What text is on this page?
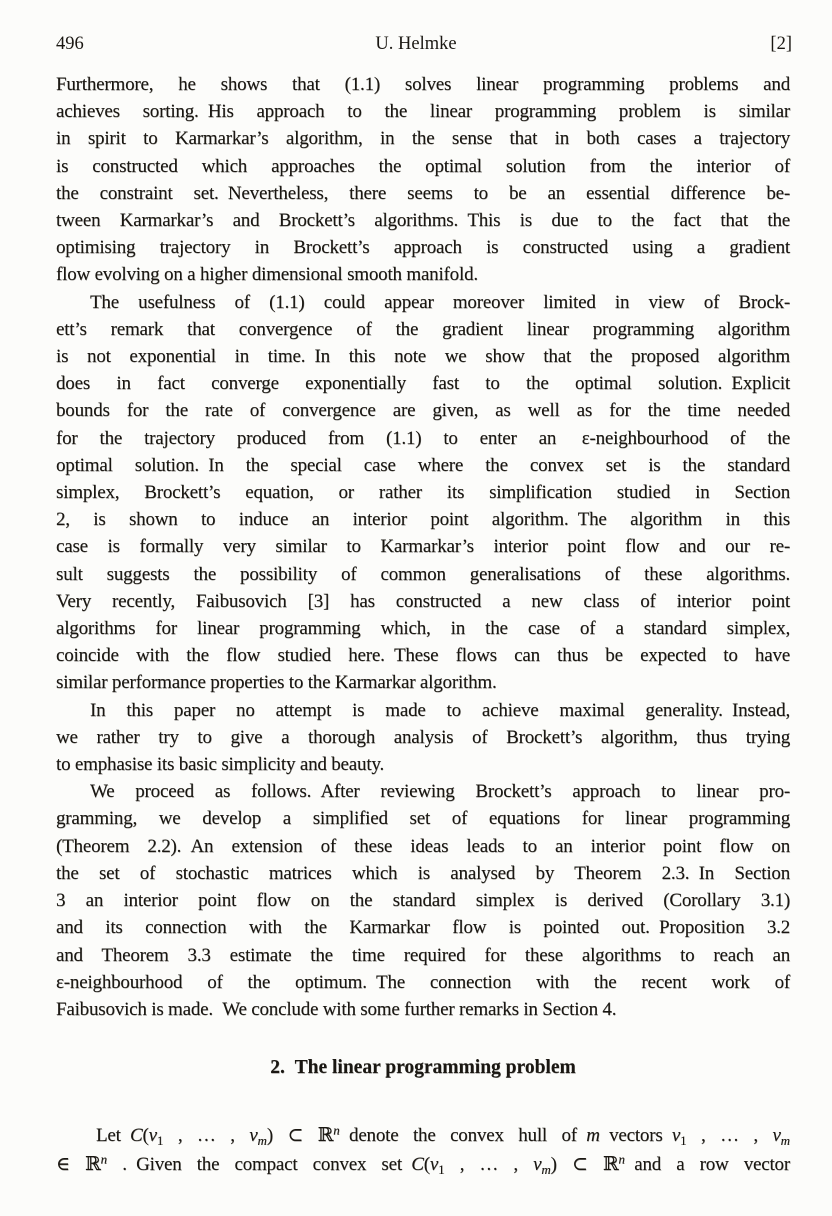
496	U. Helmke	[2]
Furthermore, he shows that (1.1) solves linear programming problems and
achieves sorting. His approach to the linear programming problem is similar
in spirit to Karmarkar’s algorithm, in the sense that in both cases a trajectory
is constructed which approaches the optimal solution from the interior of
the constraint set. Nevertheless, there seems to be an essential difference be-
tween Karmarkar’s and Brockett’s algorithms. This is due to the fact that the
optimising trajectory in Brockett’s approach is constructed using a gradient
flow evolving on a higher dimensional smooth manifold.
The usefulness of (1.1) could appear moreover limited in view of Brock-
ett’s remark that convergence of the gradient linear programming algorithm
is not exponential in time. In this note we show that the proposed algorithm
does in fact converge exponentially fast to the optimal solution. Explicit
bounds for the rate of convergence are given, as well as for the time needed
for the trajectory produced from (1.1) to enter an  ε-neighbourhood of the
optimal solution. In the special case where the convex set is the standard
simplex, Brockett’s equation, or rather its simplification studied in Section
2, is shown to induce an interior point algorithm. The algorithm in this
case is formally very similar to Karmarkar’s interior point flow and our re-
sult suggests the possibility of common generalisations of these algorithms.
Very recently, Faibusovich [3] has constructed a new class of interior point
algorithms for linear programming which, in the case of a standard simplex,
coincide with the flow studied here. These flows can thus be expected to have
similar performance properties to the Karmarkar algorithm.
In this paper no attempt is made to achieve maximal generality. Instead,
we rather try to give a thorough analysis of Brockett’s algorithm, thus trying
to emphasise its basic simplicity and beauty.
We proceed as follows. After reviewing Brockett’s approach to linear pro-
gramming, we develop a simplified set of equations for linear programming
(Theorem 2.2). An extension of these ideas leads to an interior point flow on
the set of stochastic matrices which is analysed by Theorem 2.3. In Section
3 an interior point flow on the standard simplex is derived (Corollary 3.1)
and its connection with the Karmarkar flow is pointed out. Proposition 3.2
and Theorem 3.3 estimate the time required for these algorithms to reach an
ε-neighbourhood of the optimum. The connection with the recent work of
Faibusovich is made. We conclude with some further remarks in Section 4.
2. The linear programming problem
Let $C(v_1$ , … , $v_m$) ⊂ ℝ$^n$ denote the convex hull of m vectors $v_1$ , … , $v_m$
∈ ℝ$^n$ . Given the compact convex set $C(v_1$ , … , $v_m$) ⊂ ℝ$^n$ and a row vector
